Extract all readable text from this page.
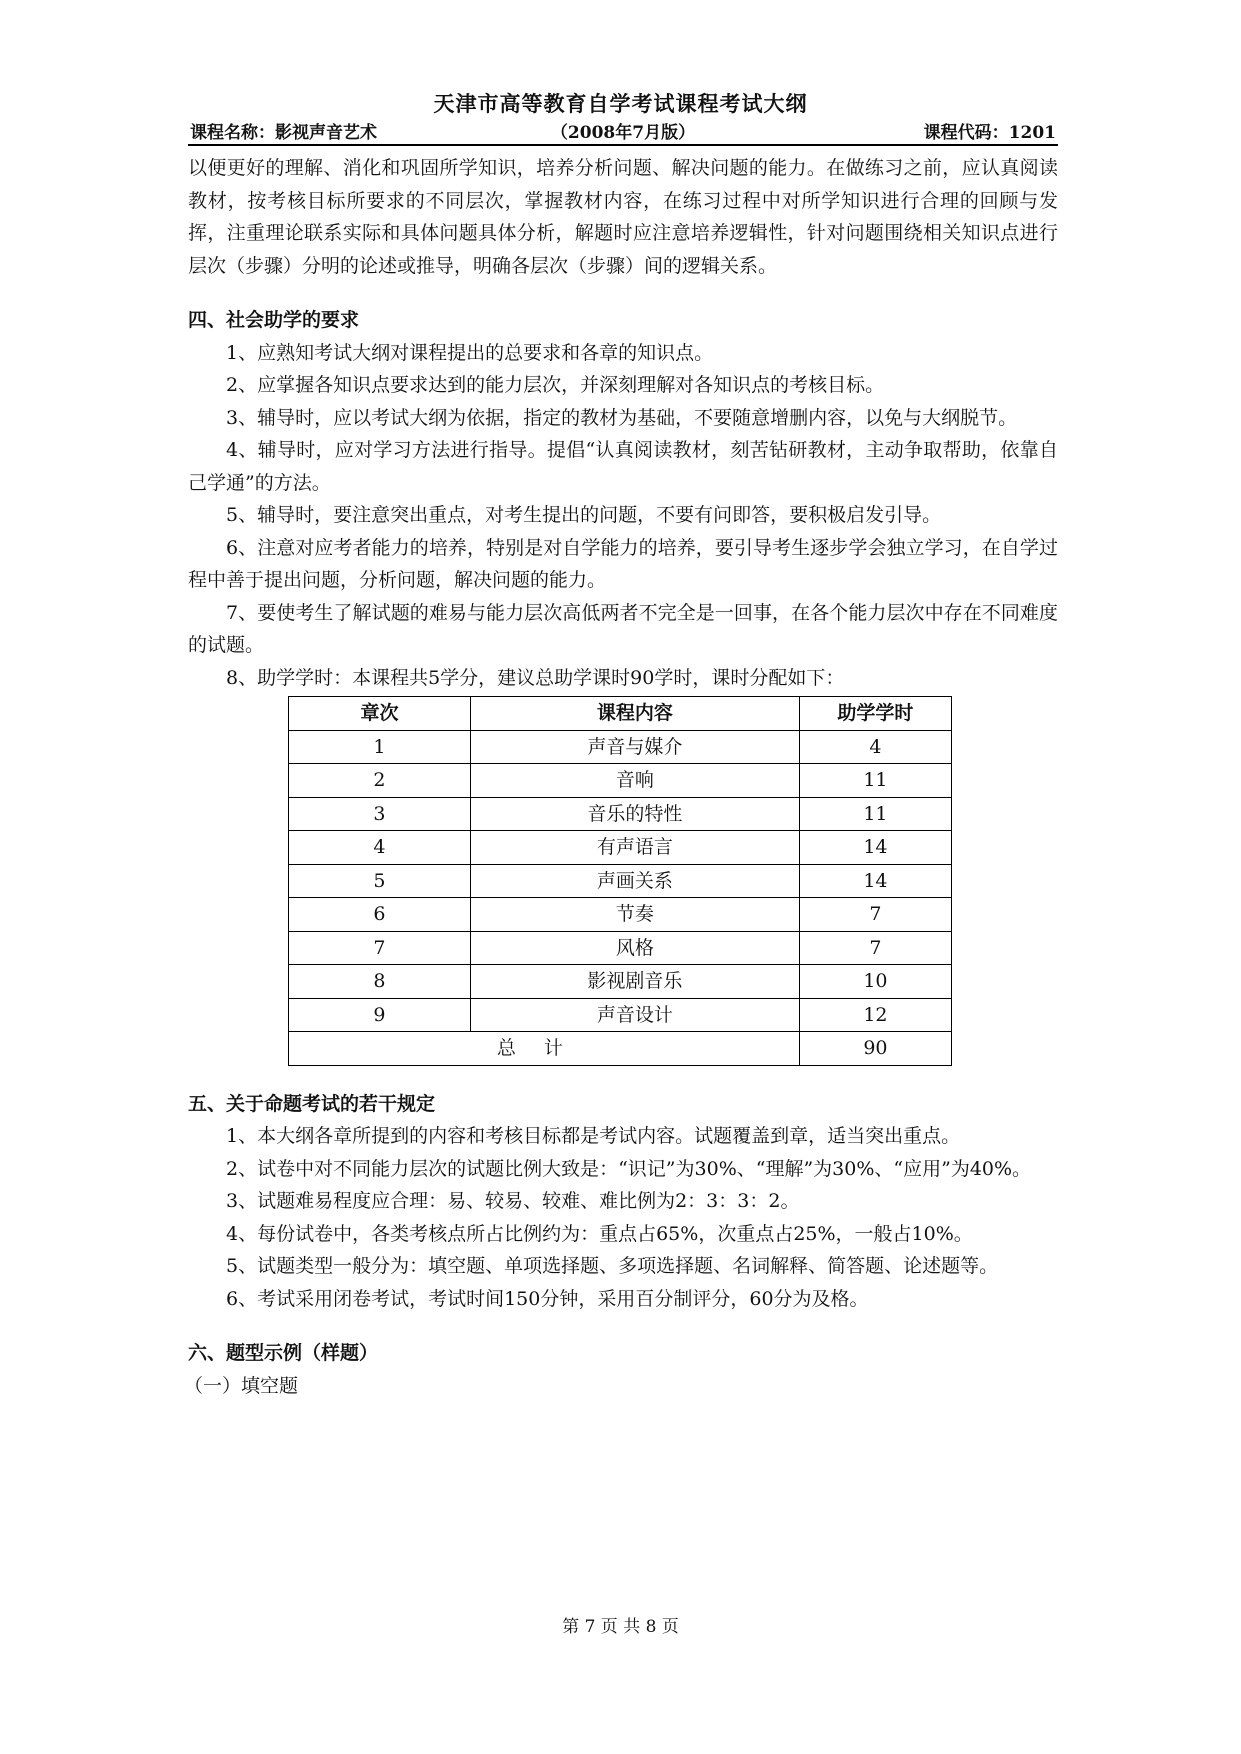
天津市高等教育自学考试课程考试大纲
（2008年7月版）
课程名称：影视声音艺术	课程代码：1201

以便更好的理解、消化和巩固所学知识，培养分析问题、解决问题的能力。在做练习之前，应认真阅读教材，按考核目标所要求的不同层次，掌握教材内容，在练习过程中对所学知识进行合理的回顾与发挥，注重理论联系实际和具体问题具体分析，解题时应注意培养逻辑性，针对问题围绕相关知识点进行层次（步骤）分明的论述或推导，明确各层次（步骤）间的逻辑关系。

四、社会助学的要求

1、应熟知考试大纲对课程提出的总要求和各章的知识点。

2、应掌握各知识点要求达到的能力层次，并深刻理解对各知识点的考核目标。

3、辅导时，应以考试大纲为依据，指定的教材为基础，不要随意增删内容，以免与大纲脱节。

4、辅导时，应对学习方法进行指导。提倡“认真阅读教材，刻苦钻研教材，主动争取帮助，依靠自己学通”的方法。

5、辅导时，要注意突出重点，对考生提出的问题，不要有问即答，要积极启发引导。

6、注意对应考者能力的培养，特别是对自学能力的培养，要引导考生逐步学会独立学习，在自学过程中善于提出问题，分析问题，解决问题的能力。

7、要使考生了解试题的难易与能力层次高低两者不完全是一回事，在各个能力层次中存在不同难度的试题。

8、助学学时：本课程共5学分，建议总助学课时90学时，课时分配如下：

章次	课程内容	助学学时
1	声音与媒介	4
2	音响	11
3	音乐的特性	11
4	有声语言	14
5	声画关系	14
6	节奏	7
7	风格	7
8	影视剧音乐	10
9	声音设计	12
总计		90
五、关于命题考试的若干规定

1、本大纲各章所提到的内容和考核目标都是考试内容。试题覆盖到章，适当突出重点。

2、试卷中对不同能力层次的试题比例大致是：“识记”为30%、“理解”为30%、“应用”为40%。

3、试题难易程度应合理：易、较易、较难、难比例为2：3：3：2。

4、每份试卷中，各类考核点所占比例约为：重点占65%，次重点占25%，一般占10%。

5、试题类型一般分为：填空题、单项选择题、多项选择题、名词解释、简答题、论述题等。

6、考试采用闭卷考试，考试时间150分钟，采用百分制评分，60分为及格。

六、题型示例（样题）

（一）填空题

第 7 页 共 8 页
